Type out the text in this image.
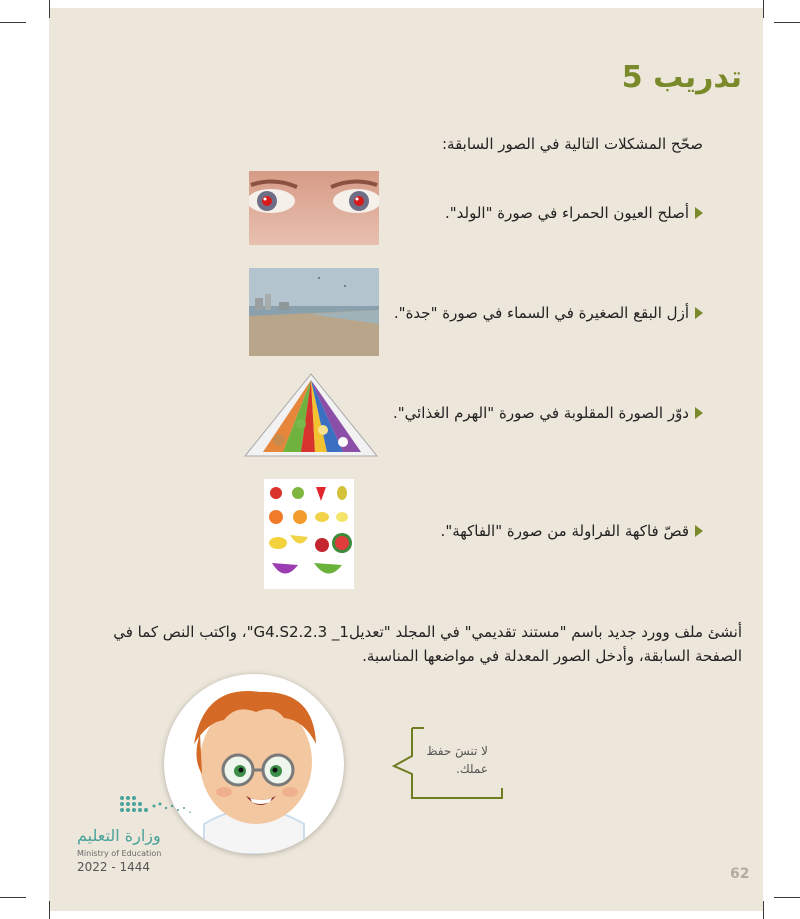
تدريب 5
صحّح المشكلات التالية في الصور السابقة:
أصلح العيون الحمراء في صورة "الولد".
أزل البقع الصغيرة في السماء في صورة "جدة".
دوّر الصورة المقلوبة في صورة "الهرم الغذائي".
قصّ فاكهة الفراولة من صورة "الفاكهة".
أنشئ ملف وورد جديد باسم "مستند تقديمي" في المجلد "تعديل1_ G4.S2.2.3"، واكتب النص كما في الصفحة السابقة، وأدخل الصور المعدلة في مواضعها المناسبة.
لا تنسَ حفظ عملك.
وزارة التعليم
Ministry of Education
2022 - 1444	62
